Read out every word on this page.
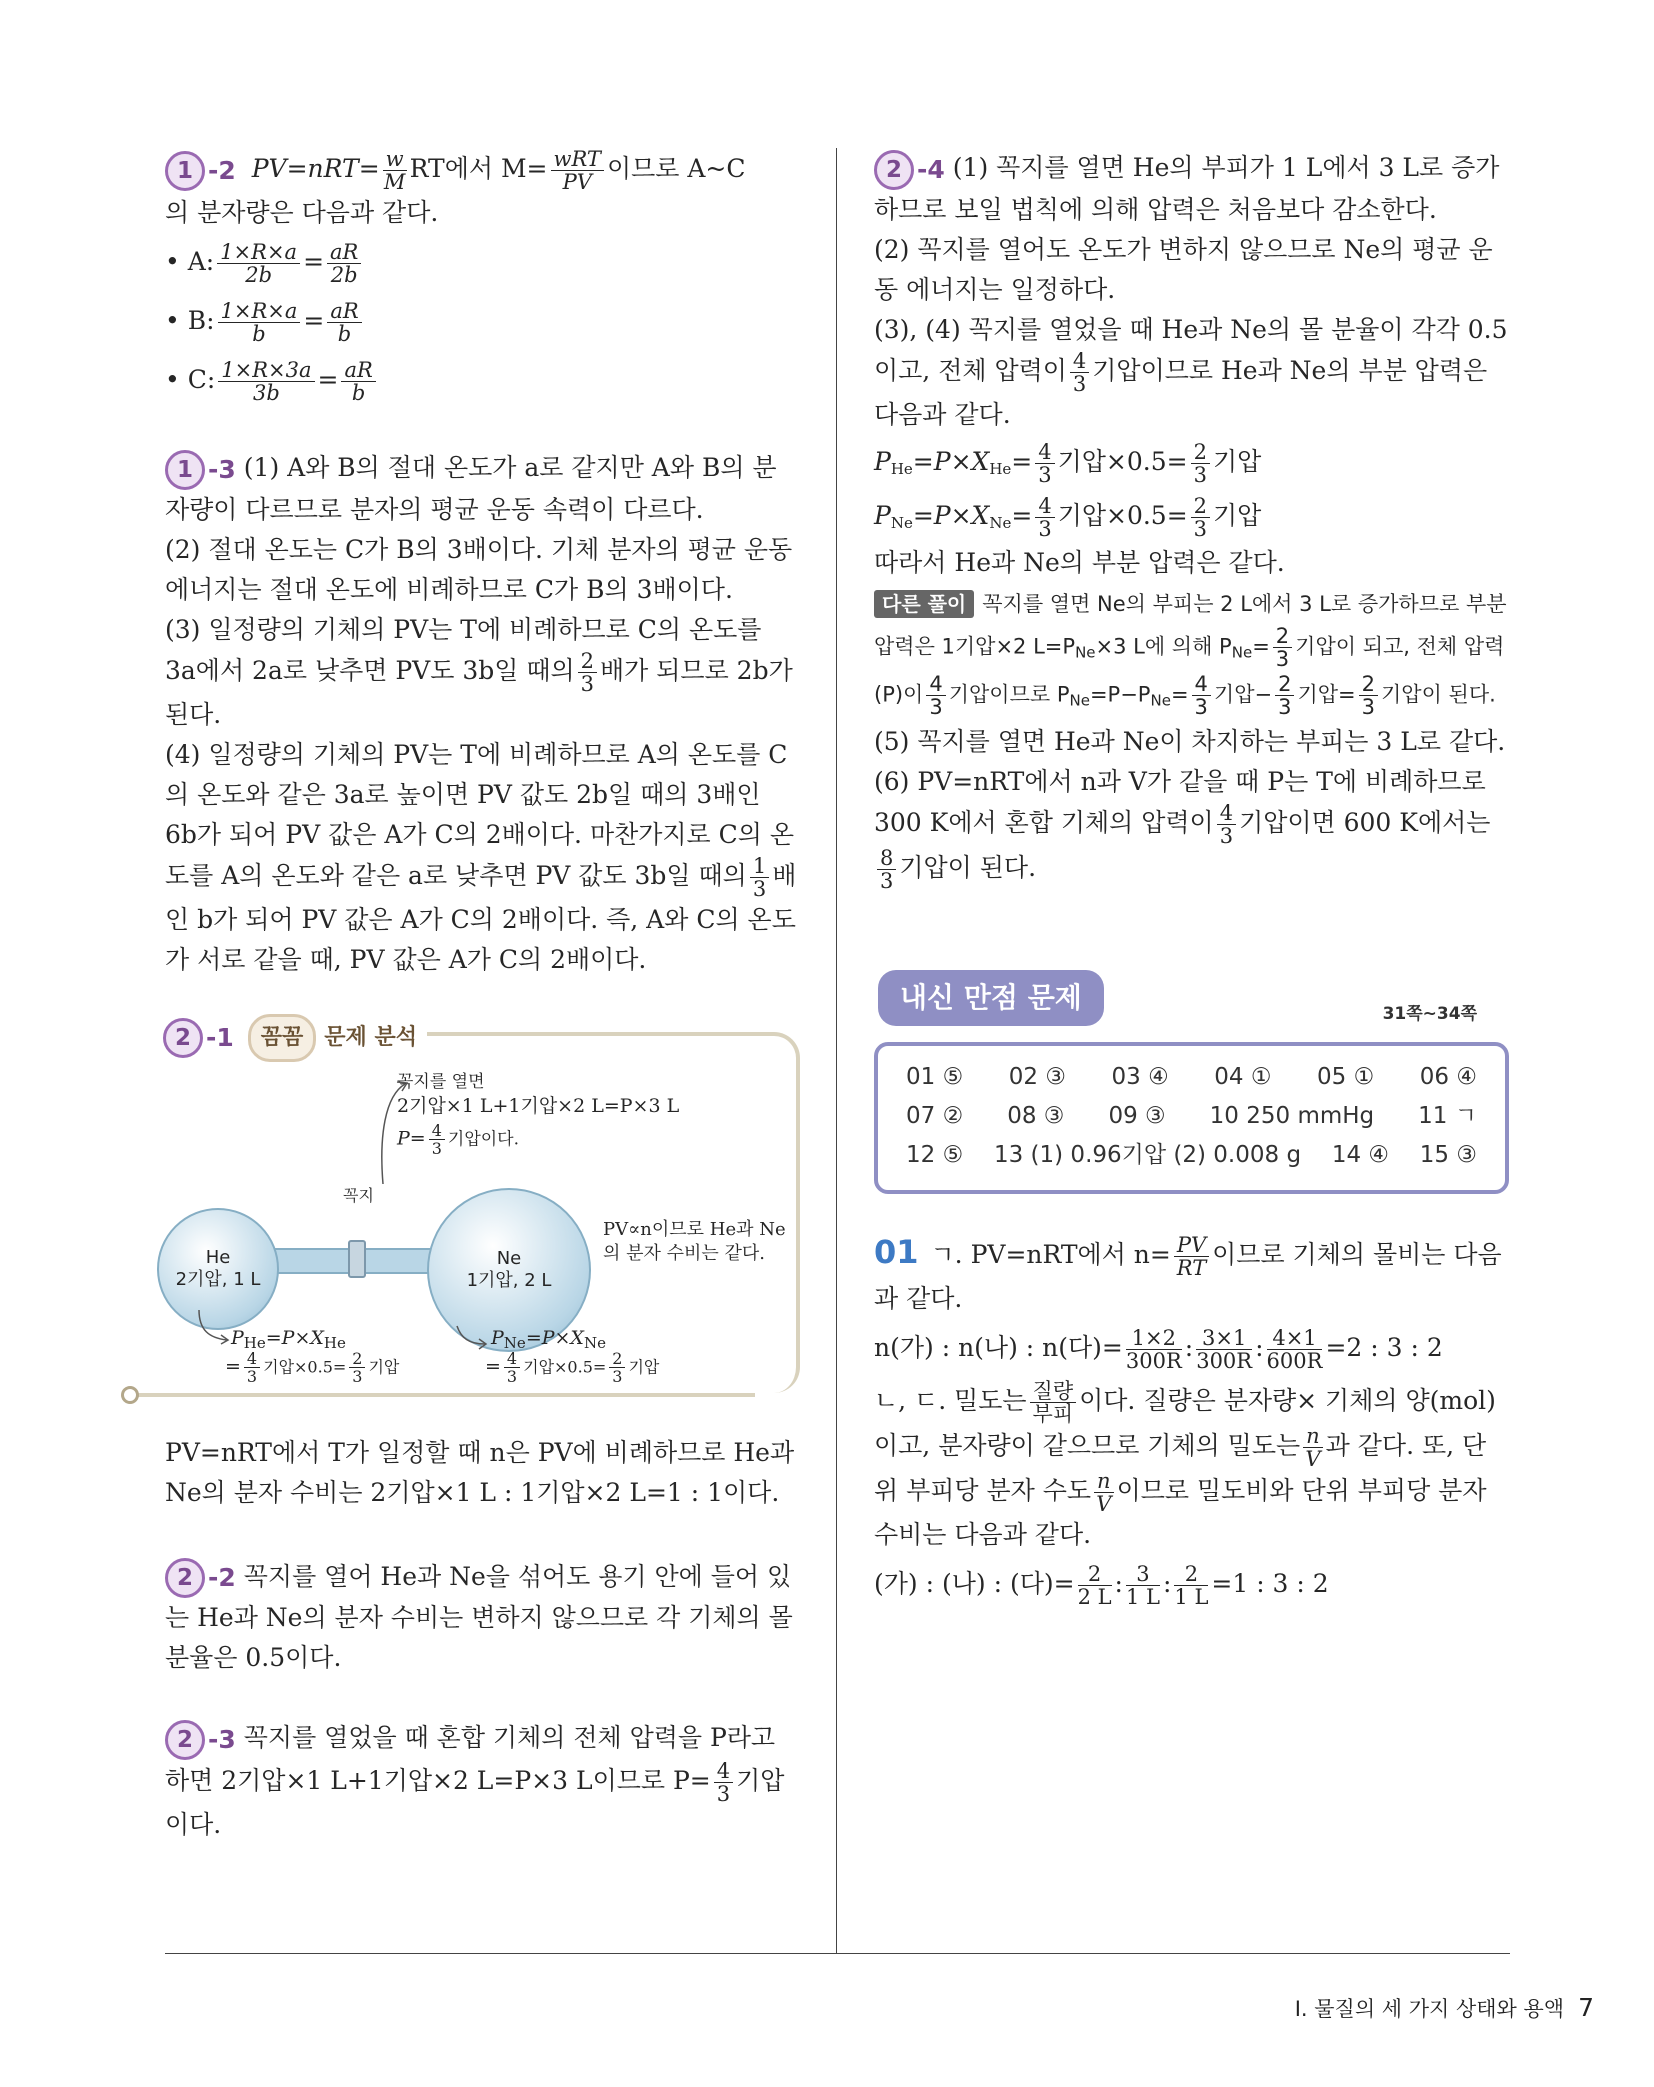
1 -2 $PV=nRT= \frac{w}{M}$ RT에서 $M= \frac{\text{wRT}}{PV}$ 이므로 A~C

의 분자량은 다음과 같다.

• A: $\frac{1\times R\times a}{2b} = \frac{aR}{2b}$

• B: $\frac{1\times R\times a}{b} = \frac{aR}{b}$

• C: $\frac{1\times R\times 3a}{3b} = \frac{aR}{b}$

1 -3 (1) A와 B의 절대 온도가 a로 같지만 A와 B의 분자량이 다르므로 분자의 평균 운동 속력이 다르다.

(2) 절대 온도는 C가 B의 3배이다. 기체 분자의 평균 운동 에너지는 절대 온도에 비례하므로 C가 B의 3배이다.

(3) 일정량의 기체의 PV는 T에 비례하므로 C의 온도를 3a에서 2a로 낮추면 PV도 3b일 때의 $\frac{2}{3}$ 배가 되므로 2b가 된다.

(4) 일정량의 기체의 PV는 T에 비례하므로 A의 온도를 C의 온도와 같은 3a로 높이면 PV 값도 2b일 때의 3배인 6b가 되어 PV 값은 A가 C의 2배이다. 마찬가지로 C의 온도를 A의 온도와 같은 a로 낮추면 PV 값도 3b일 때의 $\frac{1}{3}$ 배인 b가 되어 PV 값은 A가 C의 2배이다. 즉, A와 C의 온도가 서로 같을 때, PV 값은 A가 C의 2배이다.

2 -1	꼼꼼 문제 분석
꼭지를 열면
2기압×1 L+1기압×2 L=P×3 L
$P= \frac{4}{3}$ 기압이다.
꼭지
He
2기압, 1 L
Ne
1기압, 2 L
PV∝n이므로 He과 Ne의 분자 수비는 같다.
$P_{He}=P\times X_{He}$
= $\frac{4}{3}$ 기압$\times 0.5= \frac{2}{3}$ 기압
$P_{Ne}=P\times X_{Ne}$
= $\frac{4}{3}$ 기압$\times 0.5= \frac{2}{3}$ 기압

PV=nRT에서 T가 일정할 때 n은 PV에 비례하므로 He과 Ne의 분자 수비는 2기압×1 L : 1기압×2 L=1 : 1이다.

2 -2 꼭지를 열어 He과 Ne을 섞어도 용기 안에 들어 있는 He과 Ne의 분자 수비는 변하지 않으므로 각 기체의 몰 분율은 0.5이다.

2 -3 꼭지를 열었을 때 혼합 기체의 전체 압력을 P라고 하면 2기압×1 L+1기압×2 L=P×3 L이므로 $P= \frac{4}{3}$ 기압이다.

2 -4 (1) 꼭지를 열면 He의 부피가 1 L에서 3 L로 증가하므로 보일 법칙에 의해 압력은 처음보다 감소한다.

(2) 꼭지를 열어도 온도가 변하지 않으므로 Ne의 평균 운동 에너지는 일정하다.

(3), (4) 꼭지를 열었을 때 He과 Ne의 몰 분율이 각각 0.5이고, 전체 압력이 $\frac{4}{3}$ 기압이므로 He과 Ne의 부분 압력은 다음과 같다.

$P_{He}=P\times X_{He}= \frac{4}{3}$ 기압$\times 0.5= \frac{2}{3}$ 기압

$P_{Ne}=P\times X_{Ne}= \frac{4}{3}$ 기압$\times 0.5= \frac{2}{3}$ 기압

따라서 He과 Ne의 부분 압력은 같다.

다른 풀이 꼭지를 열면 Ne의 부피는 2 L에서 3 L로 증가하므로 부분 압력은 1기압×2 $L=P_{Ne}\times 3$ L에 의해 $P_{Ne}= \frac{2}{3}$ 기압이 되고, 전체 압력 (P)이 $\frac{4}{3}$ 기압이므로 $P_{Ne}=P-P_{Ne}= \frac{4}{3}$ 기압− $\frac{2}{3}$ 기압= $\frac{2}{3}$ 기압이 된다.

(5) 꼭지를 열면 He과 Ne이 차지하는 부피는 3 L로 같다.

(6) PV=nRT에서 n과 V가 같을 때 P는 T에 비례하므로 300 K에서 혼합 기체의 압력이 $\frac{4}{3}$ 기압이면 600 K에서는
$\frac{8}{3}$ 기압이 된다.

내신 만점 문제	31쪽~34쪽
01 ⑤ 02 ③ 03 ④ 04 ① 05 ① 06 ④
07 ② 08 ③ 09 ③ 10 250 mmHg 11 ㄱ
12 ⑤ 13 (1) 0.96기압 (2) 0.008 g 14 ④ 15 ③

01 ㄱ. PV=nRT에서 $n= \frac{PV}{RT}$ 이므로 기체의 몰비는 다음과 같다.

n(가) : n(나) : n(다)= $\frac{1\times 2}{300R}$ : $\frac{3\times 1}{300R}$ : $\frac{4\times 1}{600R} =2$ : 3 : 2

ㄴ, ㄷ. 밀도는 $\frac{\text{질량}}{\text{부피}}$ 이다. 질량은 분자량× 기체의 양(mol)이고, 분자량이 같으므로 기체의 밀도는 $\frac{n}{V}$ 과 같다. 또, 단위 부피당 분자 수도 $\frac{n}{V}$ 이므로 밀도비와 단위 부피당 분자 수비는 다음과 같다.

(가) : (나) : (다)= $\frac{2}{2 L}$ : $\frac{3}{1 L}$ : $\frac{2}{1 L} =1$ : 3 : 2

I. 물질의 세 가지 상태와 용액 7
